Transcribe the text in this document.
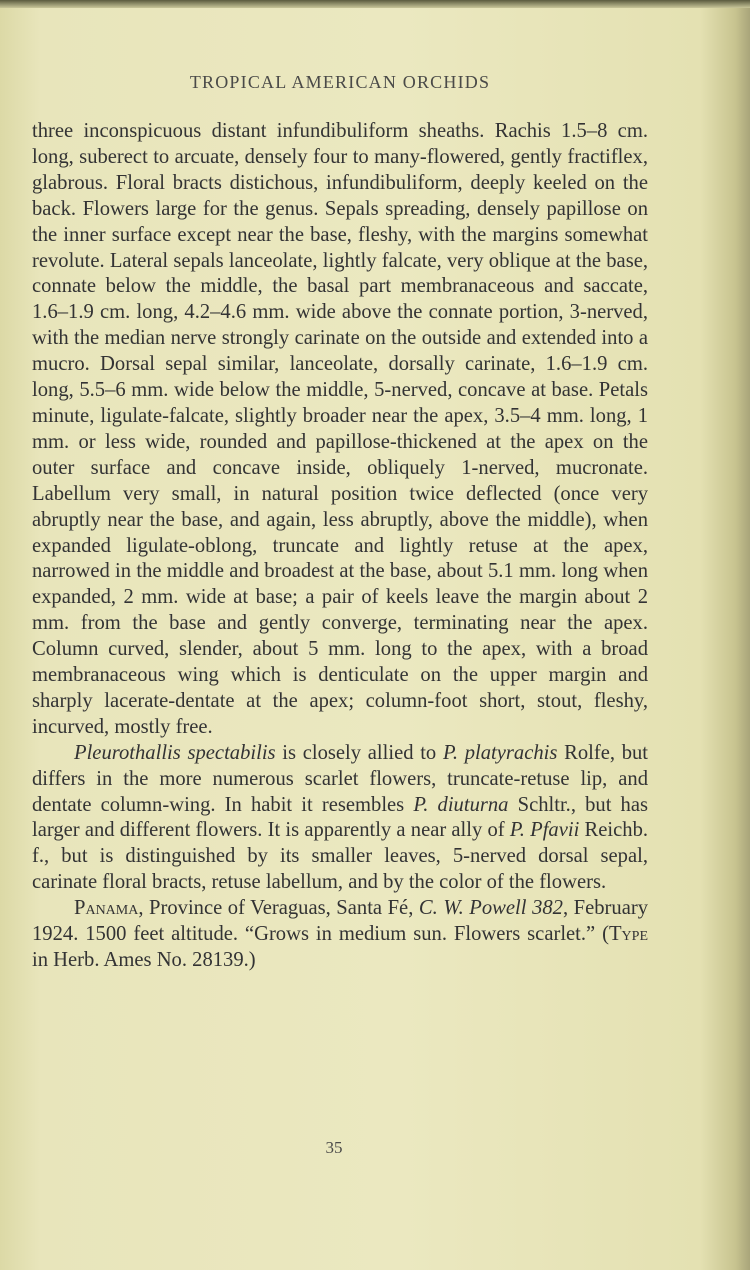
TROPICAL AMERICAN ORCHIDS

three inconspicuous distant infundibuliform sheaths. Rachis 1.5–8 cm. long, suberect to arcuate, densely four to many-flowered, gently fractiflex, glabrous. Floral bracts distichous, infundibuliform, deeply keeled on the back. Flowers large for the genus. Sepals spreading, densely papillose on the inner surface except near the base, fleshy, with the margins somewhat revolute. Lateral sepals lanceolate, lightly falcate, very oblique at the base, connate below the middle, the basal part membranaceous and saccate, 1.6–1.9 cm. long, 4.2–4.6 mm. wide above the connate portion, 3-nerved, with the median nerve strongly carinate on the outside and extended into a mucro. Dorsal sepal similar, lanceolate, dorsally carinate, 1.6–1.9 cm. long, 5.5–6 mm. wide below the middle, 5-nerved, concave at base. Petals minute, ligulate-falcate, slightly broader near the apex, 3.5–4 mm. long, 1 mm. or less wide, rounded and papillose-thickened at the apex on the outer surface and concave inside, obliquely 1-nerved, mucronate. Labellum very small, in natural position twice deflected (once very abruptly near the base, and again, less abruptly, above the middle), when expanded ligulate-oblong, truncate and lightly retuse at the apex, narrowed in the middle and broadest at the base, about 5.1 mm. long when expanded, 2 mm. wide at base; a pair of keels leave the margin about 2 mm. from the base and gently converge, terminating near the apex. Column curved, slender, about 5 mm. long to the apex, with a broad membranaceous wing which is denticulate on the upper margin and sharply lacerate-dentate at the apex; column-foot short, stout, fleshy, incurved, mostly free.

Pleurothallis spectabilis is closely allied to P. platyrachis Rolfe, but differs in the more numerous scarlet flowers, truncate-retuse lip, and dentate column-wing. In habit it resembles P. diuturna Schltr., but has larger and different flowers. It is apparently a near ally of P. Pfavii Reichb. f., but is distinguished by its smaller leaves, 5-nerved dorsal sepal, carinate floral bracts, retuse labellum, and by the color of the flowers.

Panama, Province of Veraguas, Santa Fé, C. W. Powell 382, February 1924. 1500 feet altitude. “Grows in medium sun. Flowers scarlet.” (Type in Herb. Ames No. 28139.)

35
